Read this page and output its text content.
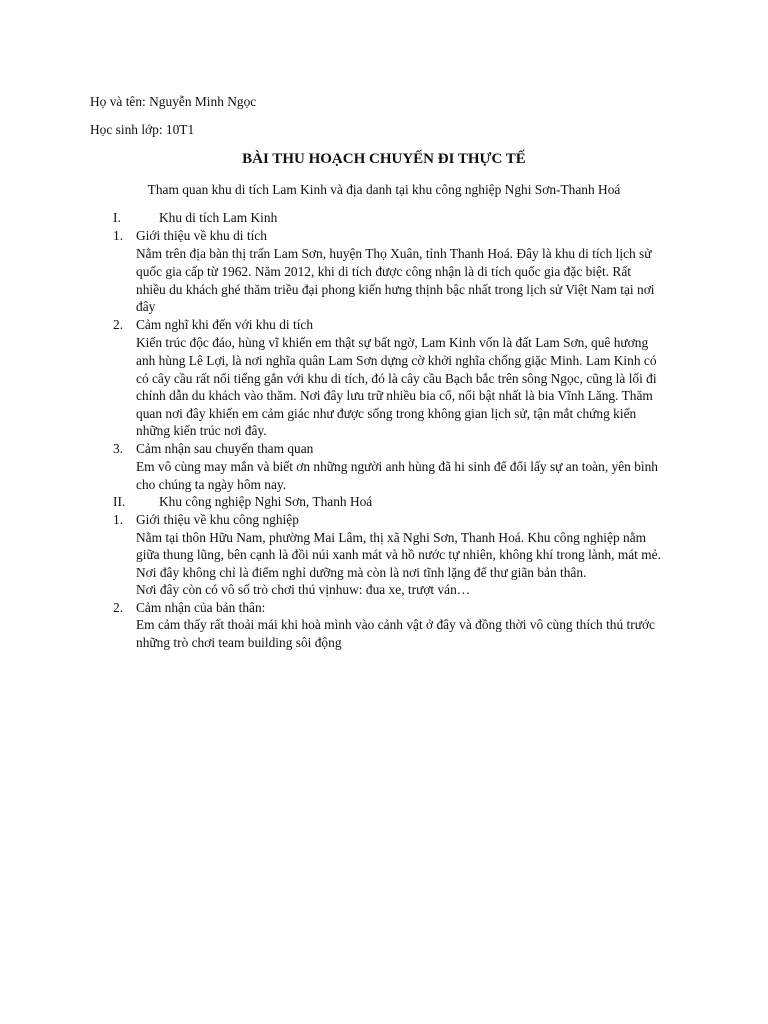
Họ và tên: Nguyễn Minh Ngọc
Học sinh lớp: 10T1
BÀI THU HOẠCH CHUYẾN ĐI THỰC TẾ
Tham quan khu di tích Lam Kinh và địa danh tại khu công nghiệp Nghi Sơn-Thanh Hoá
I.	Khu di tích Lam Kinh
1. Giới thiệu về khu di tích
Nằm trên địa bàn thị trấn Lam Sơn, huyện Thọ Xuân, tỉnh Thanh Hoá. Đây là khu di tích lịch sử
quốc gia cấp từ 1962. Năm 2012, khi di tích được công nhận là di tích quốc gia đặc biệt. Rất
nhiều du khách ghé thăm triều đại phong kiến hưng thịnh bậc nhất trong lịch sử Việt Nam tại nơi
đây
2. Cảm nghĩ khi đến với khu di tích
Kiến trúc độc đáo, hùng vĩ khiến em thật sự bất ngờ, Lam Kinh vốn là đất Lam Sơn, quê hương
anh hùng Lê Lợi, là nơi nghĩa quân Lam Sơn dựng cờ khởi nghĩa chống giặc Minh. Lam Kinh có
có cây cầu rất nổi tiếng gắn với khu di tích, đó là cây cầu Bạch bắc trên sông Ngọc, cũng là lối đi
chính dẫn du khách vào thăm. Nơi đây lưu trữ nhiều bia cổ, nổi bật nhất là bia Vĩnh Lăng. Thăm
quan nơi đây khiến em cảm giác như được sống trong không gian lịch sử, tận mắt chứng kiến
những kiến trúc nơi đây.
3. Cảm nhận sau chuyến tham quan
Em vô cùng may mắn và biết ơn những người anh hùng đã hi sinh để đổi lấy sự an toàn, yên bình
cho chúng ta ngày hôm nay.
II.	Khu công nghiệp Nghi Sơn, Thanh Hoá
1. Giới thiệu về khu công nghiệp
Nằm tại thôn Hữu Nam, phường Mai Lâm, thị xã Nghi Sơn, Thanh Hoá. Khu công nghiệp nằm
giữa thung lũng, bên cạnh là đồi núi xanh mát và hồ nước tự nhiên, không khí trong lành, mát mẻ.
Nơi đây không chỉ là điểm nghỉ dưỡng mà còn là nơi tĩnh lặng để thư giãn bản thân.
Nơi đây còn có vô số trò chơi thú vịnhuw: đua xe, trượt ván…
2. Cảm nhận của bản thân:
Em cảm thấy rất thoải mái khi hoà mình vào cảnh vật ở đây và đồng thời vô cùng thích thú trước
những trò chơi team building sôi động
